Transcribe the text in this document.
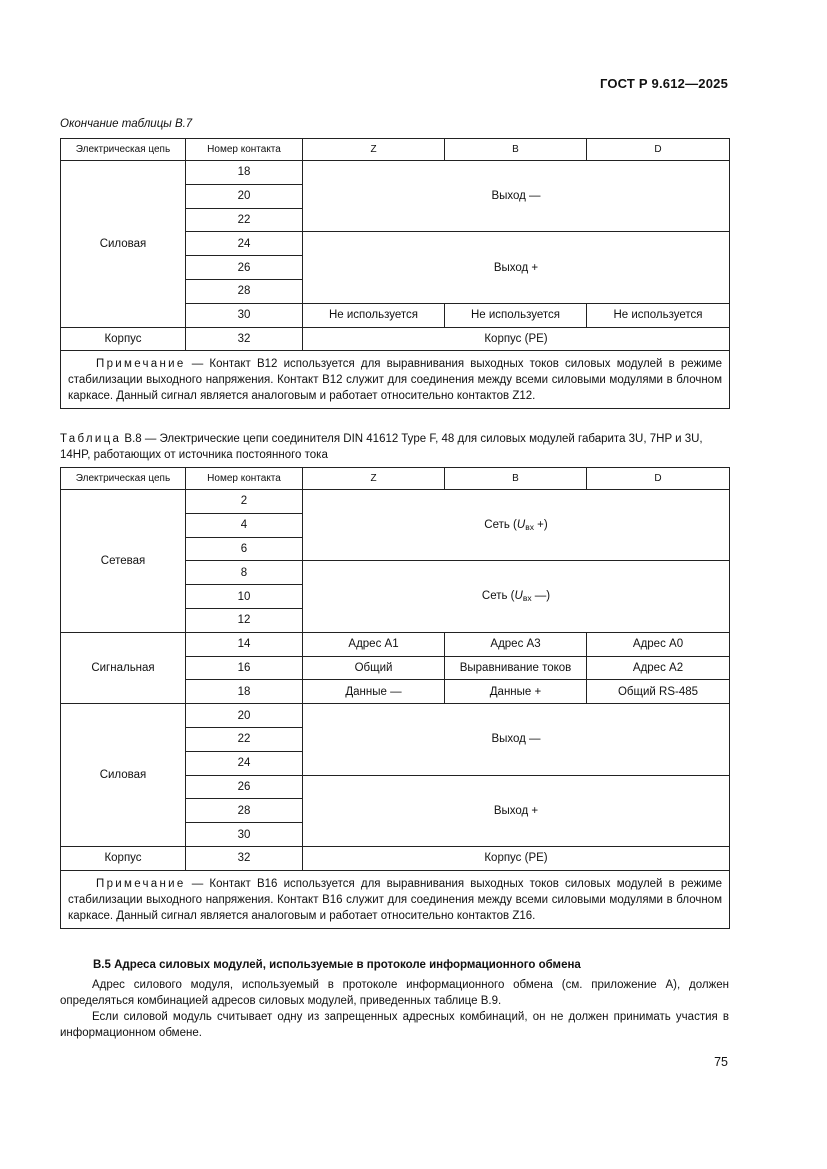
ГОСТ Р 9.612—2025
Окончание таблицы В.7
Электрическая цепь	Номер контакта	Z	B	D
Силовая	18	Выход —		
	20			
	22			
	24	Выход +		
	26			
	28			
	30	Не используется	Не используется	Не используется
Корпус	32	Корпус (PE)		
Примечание — Контакт В12 используется для выравнивания выходных токов силовых модулей в режиме стабилизации выходного напряжения. Контакт В12 служит для соединения между всеми силовыми модулями в блочном каркасе. Данный сигнал является аналоговым и работает относительно контактов Z12.				
Таблица В.8 — Электрические цепи соединителя DIN 41612 Type F, 48 для силовых модулей габарита 3U, 7HP и 3U, 14HP, работающих от источника постоянного тока
Электрическая цепь	Номер контакта	Z	B	D
Сетевая	2	Сеть ($U_{вх}$ +)		
	4			
	6			
	8	Сеть ($U_{вх}$ —)		
	10			
	12			
Сигнальная	14	Адрес А1	Адрес А3	Адрес А0
	16	Общий	Выравнивание токов	Адрес А2
	18	Данные —	Данные +	Общий RS-485
Силовая	20	Выход —		
	22			
	24			
	26	Выход +		
	28			
	30			
Корпус	32	Корпус (PE)		
Примечание — Контакт В16 используется для выравнивания выходных токов силовых модулей в режиме стабилизации выходного напряжения. Контакт В16 служит для соединения между всеми силовыми модулями в блочном каркасе. Данный сигнал является аналоговым и работает относительно контактов Z16.				
В.5 Адреса силовых модулей, используемые в протоколе информационного обмена
Адрес силового модуля, используемый в протоколе информационного обмена (см. приложение А), должен определяться комбинацией адресов силовых модулей, приведенных таблице В.9.
Если силовой модуль считывает одну из запрещенных адресных комбинаций, он не должен принимать участия в информационном обмене.
75
